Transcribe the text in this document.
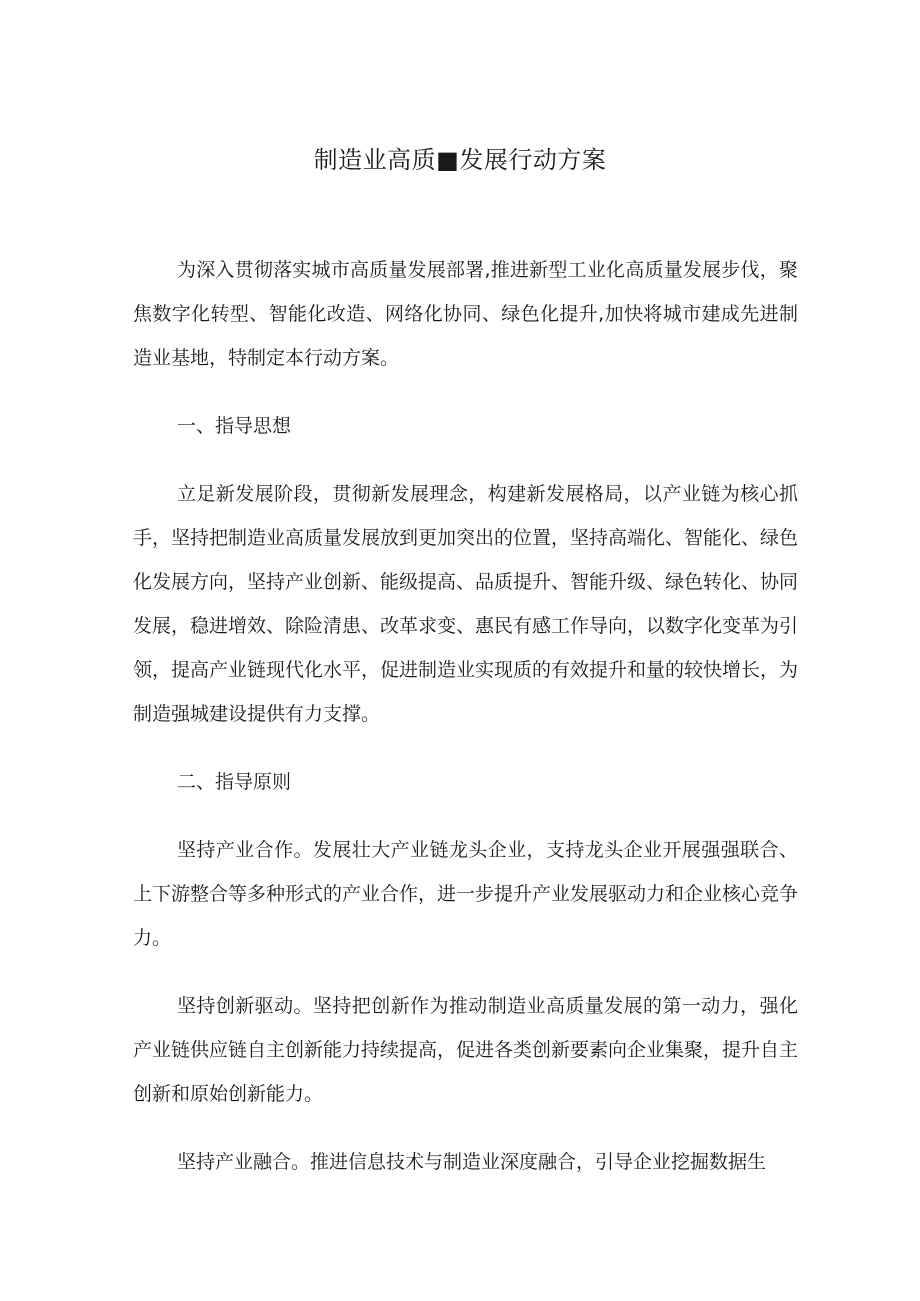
制造业高质■发展行动方案

为深入贯彻落实城市高质量发展部署,推进新型工业化高质量发展步伐，聚焦数字化转型、智能化改造、网络化协同、绿色化提升,加快将城市建成先进制造业基地，特制定本行动方案。

一、指导思想

立足新发展阶段，贯彻新发展理念，构建新发展格局，以产业链为核心抓手，坚持把制造业高质量发展放到更加突出的位置，坚持高端化、智能化、绿色化发展方向，坚持产业创新、能级提高、品质提升、智能升级、绿色转化、协同发展，稳进增效、除险清患、改革求变、惠民有感工作导向，以数字化变革为引领，提高产业链现代化水平，促进制造业实现质的有效提升和量的较快增长，为制造强城建设提供有力支撑。

二、指导原则

坚持产业合作。发展壮大产业链龙头企业，支持龙头企业开展强强联合、上下游整合等多种形式的产业合作，进一步提升产业发展驱动力和企业核心竞争力。

坚持创新驱动。坚持把创新作为推动制造业高质量发展的第一动力，强化产业链供应链自主创新能力持续提高，促进各类创新要素向企业集聚，提升自主创新和原始创新能力。

坚持产业融合。推进信息技术与制造业深度融合，引导企业挖掘数据生
